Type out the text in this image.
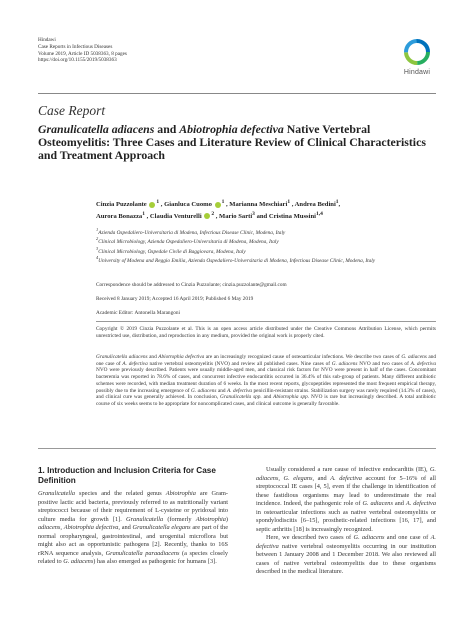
Hindawi
Case Reports in Infectious Diseases
Volume 2019, Article ID 5038363, 8 pages
https://doi.org/10.1155/2019/5038363
Hindawi
Case Report
Granulicatella adiacens and Abiotrophia defectiva Native Vertebral Osteomyelitis: Three Cases and Literature Review of Clinical Characteristics and Treatment Approach
Cinzia Puzzolante $^1$ , Gianluca Cuomo $^1$ , Marianna Meschiari$^1$ , Andrea Bedini$^1$,
Aurora Bonazza$^1$ , Claudia Venturelli $^2$ , Mario Sarti$^3$ and Cristina Mussini$^{1,4}$
$^1$Azienda Ospedaliero-Universitaria di Modena, Infectious Disease Clinic, Modena, Italy
$^2$Clinical Microbiology, Azienda Ospedaliero-Universitaria di Modena, Modena, Italy
$^3$Clinical Microbiology, Ospedale Civile di Baggiovara, Modena, Italy
$^4$University of Modena and Reggio Emilia, Azienda Ospedaliero-Universitaria di Modena, Infectious Disease Clinic, Modena, Italy
Correspondence should be addressed to Cinzia Puzzolante; cinzia.puzzolante@gmail.com
Received 8 January 2019; Accepted 16 April 2019; Published 6 May 2019
Academic Editor: Antonella Marangoni
Copyright © 2019 Cinzia Puzzolante et al. This is an open access article distributed under the Creative Commons Attribution License, which permits unrestricted use, distribution, and reproduction in any medium, provided the original work is properly cited.
Granulicatella adiacens and Abiotrophia defectiva are an increasingly recognized cause of osteoarticular infections. We describe two cases of G. adiacens and one case of A. defectiva native vertebral osteomyelitis (NVO) and review all published cases. Nine cases of G. adiacens NVO and two cases of A. defectiva NVO were previously described. Patients were usually middle-aged men, and classical risk factors for NVO were present in half of the cases. Concomitant bacteremia was reported in 78.6% of cases, and concurrent infective endocarditis occurred in 36.4% of this sub-group of patients. Many different antibiotic schemes were recorded, with median treatment duration of 6 weeks. In the most recent reports, glycopeptides represented the most frequent empirical therapy, possibly due to the increasing emergence of G. adiacens and A. defectiva penicillin-resistant strains. Stabilization surgery was rarely required (14.3% of cases), and clinical cure was generally achieved. In conclusion, Granulicatella spp. and Abiotrophia spp. NVO is rare but increasingly described. A total antibiotic course of six weeks seems to be appropriate for noncomplicated cases, and clinical outcome is generally favorable.
1. Introduction and Inclusion Criteria for Case Definition

Granulicatella species and the related genus Abiotrophia are Gram-positive lactic acid bacteria, previously referred to as nutritionally variant streptococci because of their requirement of L-cysteine or pyridoxal into culture media for growth [1]. Granulicatella (formerly Abiotrophia) adiacens, Abiotrophia defectiva, and Granulicatella elegans are part of the normal oropharyngeal, gastrointestinal, and urogenital microflora but might also act as opportunistic pathogens [2]. Recently, thanks to 16S rRNA sequence analysis, Granulicatella paraadiacens (a species closely related to G. adiacens) has also emerged as pathogenic for humans [3].

Usually considered a rare cause of infective endocarditis (IE), G. adiacens, G. elegans, and A. defectiva account for 5–16% of all streptococcal IE cases [4, 5], even if the challenge in identification of these fastidious organisms may lead to underestimate the real incidence. Indeed, the pathogenic role of G. adiacens and A. defectiva in osteoarticular infections such as native vertebral osteomyelitis or spondylodiscitis [6–15], prosthetic-related infections [16, 17], and septic arthritis [18] is increasingly recognized.

Here, we described two cases of G. adiacens and one case of A. defectiva native vertebral osteomyelitis occurring in our institution between 1 January 2008 and 1 December 2018. We also reviewed all cases of native vertebral osteomyelitis due to these organisms described in the medical literature.
